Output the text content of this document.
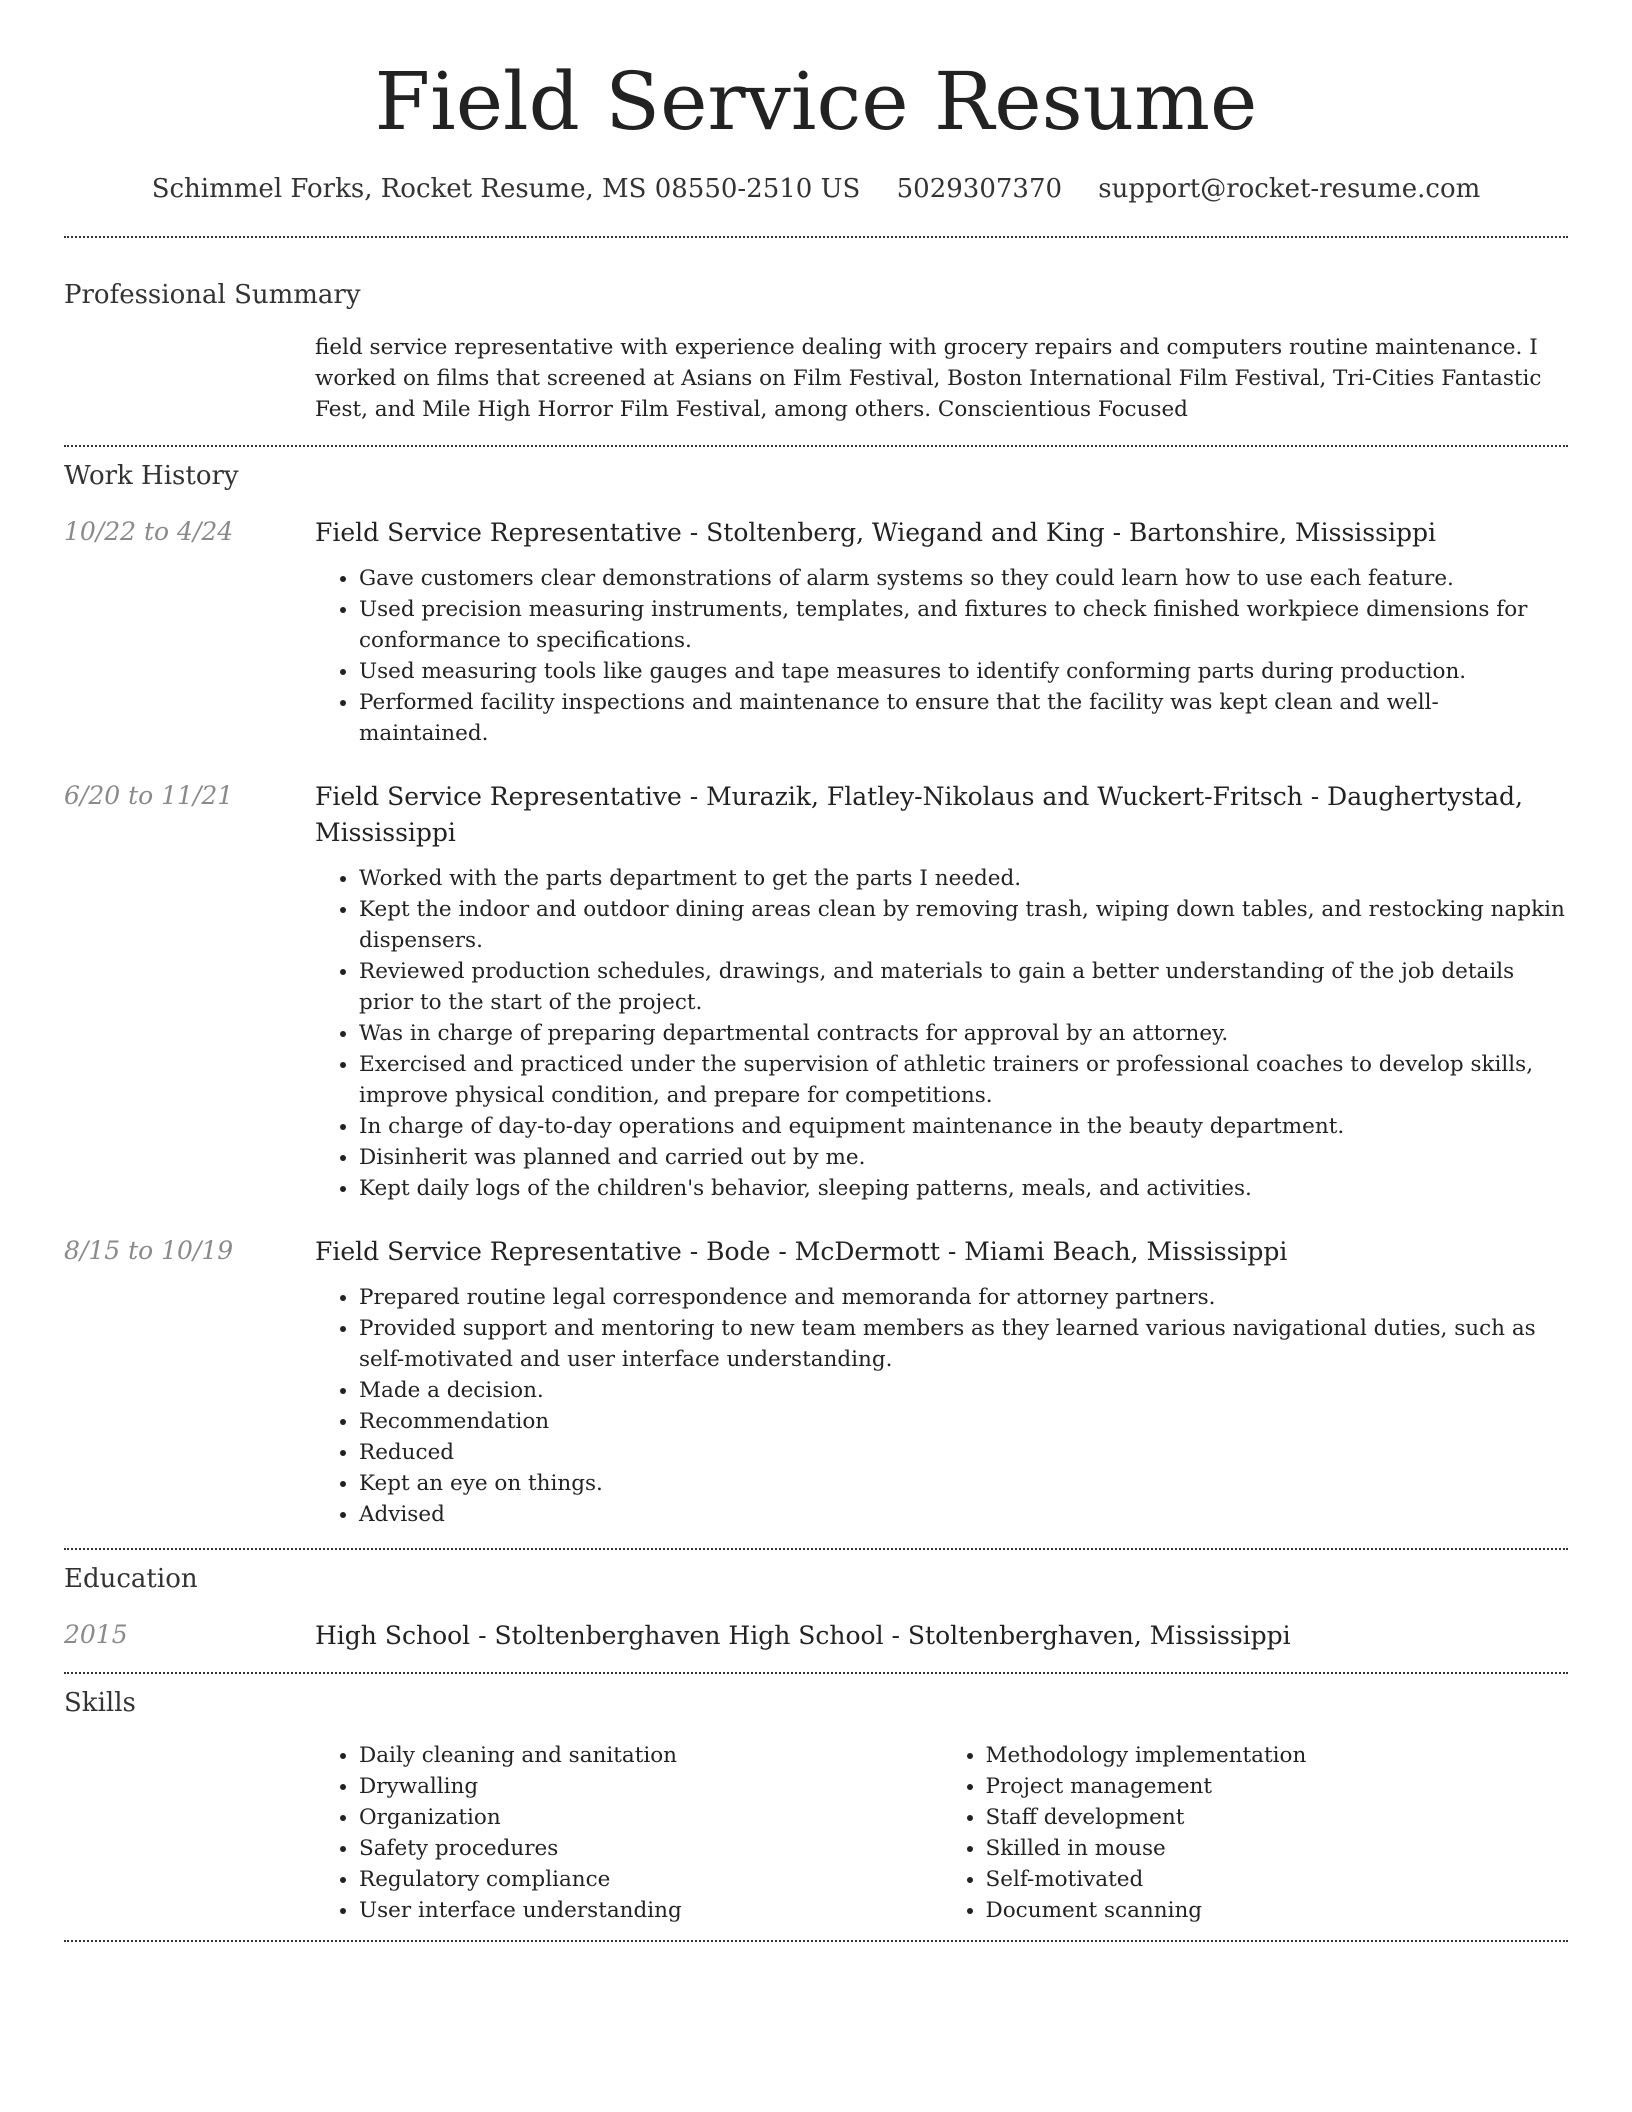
Field Service Resume
Schimmel Forks, Rocket Resume, MS 08550-2510 US 5029307370 support@rocket-resume.com
Professional Summary
field service representative with experience dealing with grocery repairs and computers routine maintenance. I worked on films that screened at Asians on Film Festival, Boston International Film Festival, Tri-Cities Fantastic Fest, and Mile High Horror Film Festival, among others. Conscientious Focused
Work History
10/22 to 4/24	Field Service Representative - Stoltenberg, Wiegand and King - Bartonshire, Mississippi
• Gave customers clear demonstrations of alarm systems so they could learn how to use each feature.
• Used precision measuring instruments, templates, and fixtures to check finished workpiece dimensions for conformance to specifications.
• Used measuring tools like gauges and tape measures to identify conforming parts during production.
• Performed facility inspections and maintenance to ensure that the facility was kept clean and well-maintained.
6/20 to 11/21	Field Service Representative - Murazik, Flatley-Nikolaus and Wuckert-Fritsch - Daughertystad, Mississippi
• Worked with the parts department to get the parts I needed.
• Kept the indoor and outdoor dining areas clean by removing trash, wiping down tables, and restocking napkin dispensers.
• Reviewed production schedules, drawings, and materials to gain a better understanding of the job details prior to the start of the project.
• Was in charge of preparing departmental contracts for approval by an attorney.
• Exercised and practiced under the supervision of athletic trainers or professional coaches to develop skills, improve physical condition, and prepare for competitions.
• In charge of day-to-day operations and equipment maintenance in the beauty department.
• Disinherit was planned and carried out by me.
• Kept daily logs of the children's behavior, sleeping patterns, meals, and activities.
8/15 to 10/19	Field Service Representative - Bode - McDermott - Miami Beach, Mississippi
• Prepared routine legal correspondence and memoranda for attorney partners.
• Provided support and mentoring to new team members as they learned various navigational duties, such as self-motivated and user interface understanding.
• Made a decision.
• Recommendation
• Reduced
• Kept an eye on things.
• Advised
Education
2015	High School - Stoltenberghaven High School - Stoltenberghaven, Mississippi
Skills
• Daily cleaning and sanitation
• Drywalling
• Organization
• Safety procedures
• Regulatory compliance
• User interface understanding
• Methodology implementation
• Project management
• Staff development
• Skilled in mouse
• Self-motivated
• Document scanning
